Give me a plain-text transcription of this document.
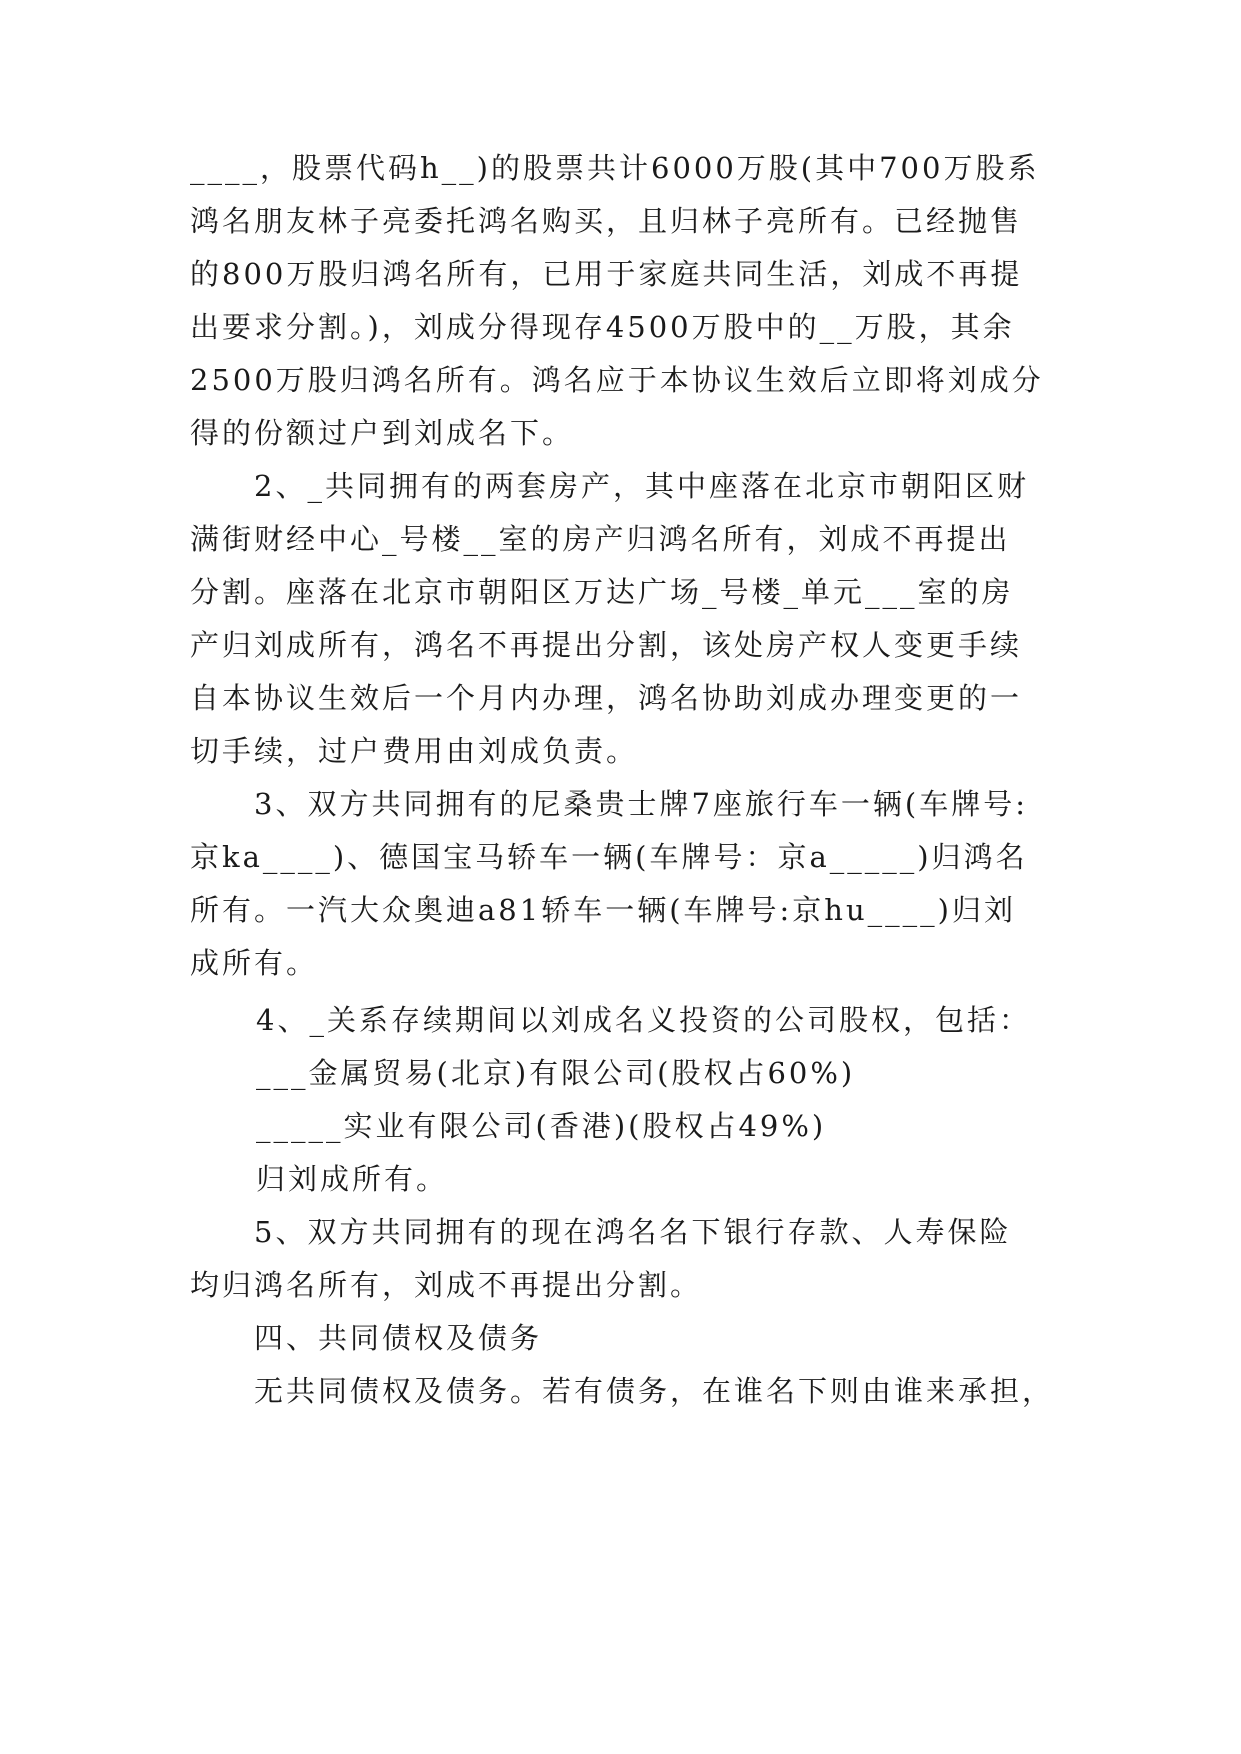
____，股票代码h__)的股票共计6000万股(其中700万股系
鸿名朋友林子亮委托鸿名购买，且归林子亮所有。已经抛售
的800万股归鸿名所有，已用于家庭共同生活，刘成不再提
出要求分割。)，刘成分得现存4500万股中的__万股，其余
2500万股归鸿名所有。鸿名应于本协议生效后立即将刘成分
得的份额过户到刘成名下。
2、_共同拥有的两套房产，其中座落在北京市朝阳区财
满街财经中心_号楼__室的房产归鸿名所有，刘成不再提出
分割。座落在北京市朝阳区万达广场_号楼_单元___室的房
产归刘成所有，鸿名不再提出分割，该处房产权人变更手续
自本协议生效后一个月内办理，鸿名协助刘成办理变更的一
切手续，过户费用由刘成负责。
3、双方共同拥有的尼桑贵士牌7座旅行车一辆(车牌号:
京ka____)、德国宝马轿车一辆(车牌号：京a_____)归鸿名
所有。一汽大众奥迪a81轿车一辆(车牌号:京hu____)归刘
成所有。
4、_关系存续期间以刘成名义投资的公司股权，包括：
___金属贸易(北京)有限公司(股权占60%)
_____实业有限公司(香港)(股权占49%)
归刘成所有。
5、双方共同拥有的现在鸿名名下银行存款、人寿保险
均归鸿名所有，刘成不再提出分割。
四、共同债权及债务
无共同债权及债务。若有债务，在谁名下则由谁来承担，
